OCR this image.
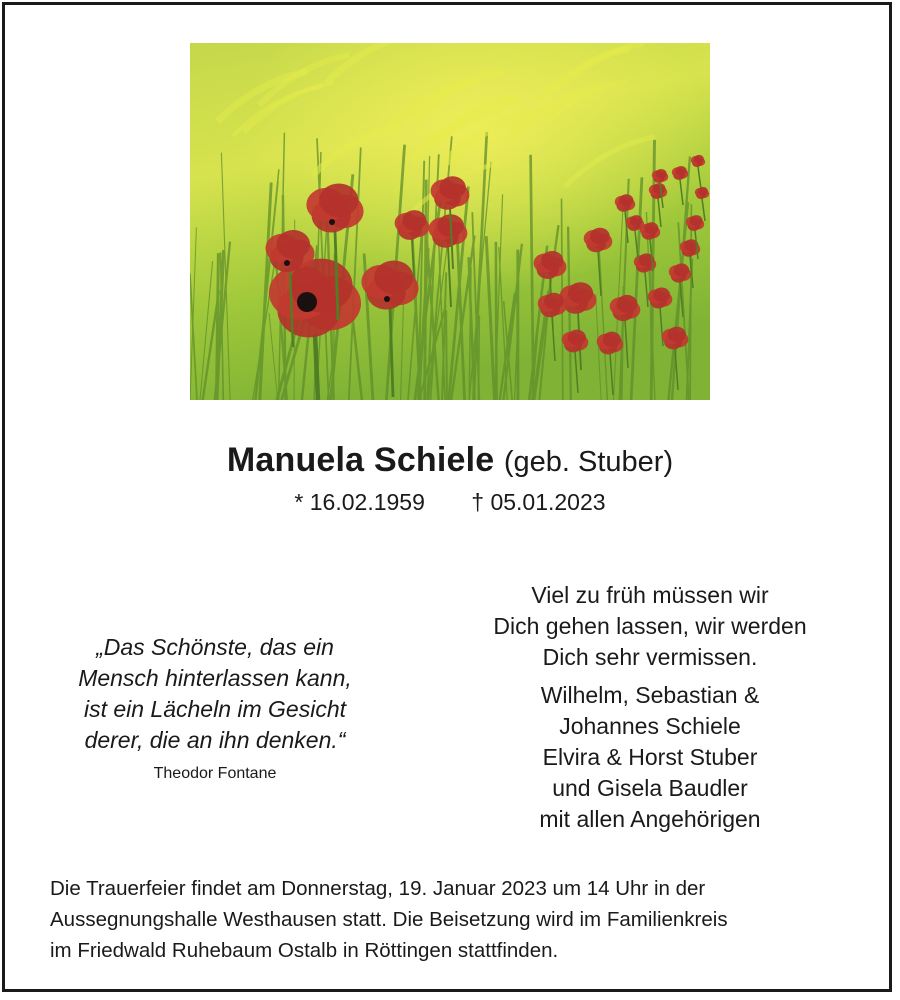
Manuela Schiele (geb. Stuber)
* 16.02.1959 † 05.01.2023
„Das Schönste, das ein
Mensch hinterlassen kann,
ist ein Lächeln im Gesicht
derer, die an ihn denken.“
Theodor Fontane
Viel zu früh müssen wir
Dich gehen lassen, wir werden
Dich sehr vermissen.
Wilhelm, Sebastian &
Johannes Schiele
Elvira & Horst Stuber
und Gisela Baudler
mit allen Angehörigen
Die Trauerfeier findet am Donnerstag, 19. Januar 2023 um 14 Uhr in der
Aussegnungshalle Westhausen statt. Die Beisetzung wird im Familienkreis
im Friedwald Ruhebaum Ostalb in Röttingen stattfinden.
